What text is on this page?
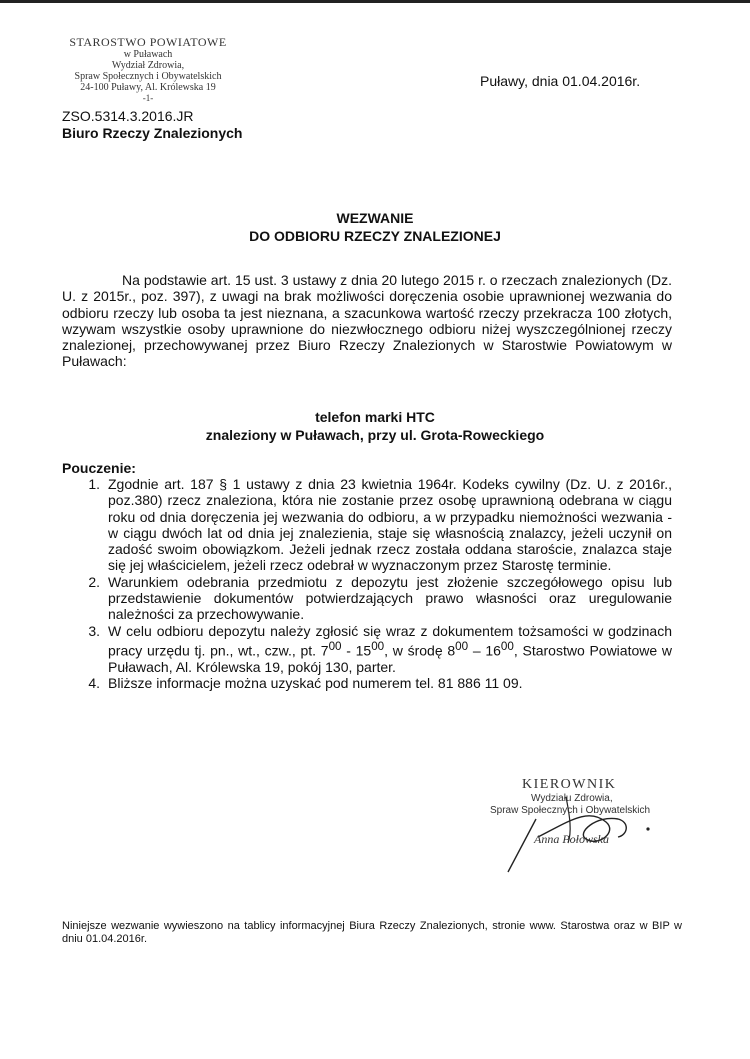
STAROSTWO POWIATOWE
w Puławach
Wydział Zdrowia,
Spraw Społecznych i Obywatelskich
24-100 Puławy, Al. Królewska 19
-1-
Puławy, dnia 01.04.2016r.
ZSO.5314.3.2016.JR
Biuro Rzeczy Znalezionych
WEZWANIE
DO ODBIORU RZECZY ZNALEZIONEJ
Na podstawie art. 15 ust. 3 ustawy z dnia 20 lutego 2015 r. o rzeczach znalezionych (Dz. U. z 2015r., poz. 397), z uwagi na brak możliwości doręczenia osobie uprawnionej wezwania do odbioru rzeczy lub osoba ta jest nieznana, a szacunkowa wartość rzeczy przekracza 100 złotych, wzywam wszystkie osoby uprawnione do niezwłocznego odbioru niżej wyszczególnionej rzeczy znalezionej, przechowywanej przez Biuro Rzeczy Znalezionych w Starostwie Powiatowym w Puławach:
telefon marki HTC
znaleziony w Puławach, przy ul. Grota-Roweckiego
Pouczenie:
1. Zgodnie art. 187 § 1 ustawy z dnia 23 kwietnia 1964r. Kodeks cywilny (Dz. U. z 2016r., poz.380) rzecz znaleziona, która nie zostanie przez osobę uprawnioną odebrana w ciągu roku od dnia doręczenia jej wezwania do odbioru, a w przypadku niemożności wezwania - w ciągu dwóch lat od dnia jej znalezienia, staje się własnością znalazcy, jeżeli uczynił on zadość swoim obowiązkom. Jeżeli jednak rzecz została oddana staroście, znalazca staje się jej właścicielem, jeżeli rzecz odebrał w wyznaczonym przez Starostę terminie.
2. Warunkiem odebrania przedmiotu z depozytu jest złożenie szczegółowego opisu lub przedstawienie dokumentów potwierdzających prawo własności oraz uregulowanie należności za przechowywanie.
3. W celu odbioru depozytu należy zgłosić się wraz z dokumentem tożsamości w godzinach pracy urzędu tj. pn., wt., czw., pt. $7^{00} - 15^{00}$, w środę $8^{00} - 16^{00}$, Starostwo Powiatowe w Puławach, Al. Królewska 19, pokój 130, parter.
4. Bliższe informacje można uzyskać pod numerem tel. 81 886 11 09.
KIEROWNIK
Wydziału Zdrowia,
Spraw Społecznych i Obywatelskich
Anna Połowska
Niniejsze wezwanie wywieszono na tablicy informacyjnej Biura Rzeczy Znalezionych, stronie www. Starostwa oraz w BIP w dniu 01.04.2016r.
